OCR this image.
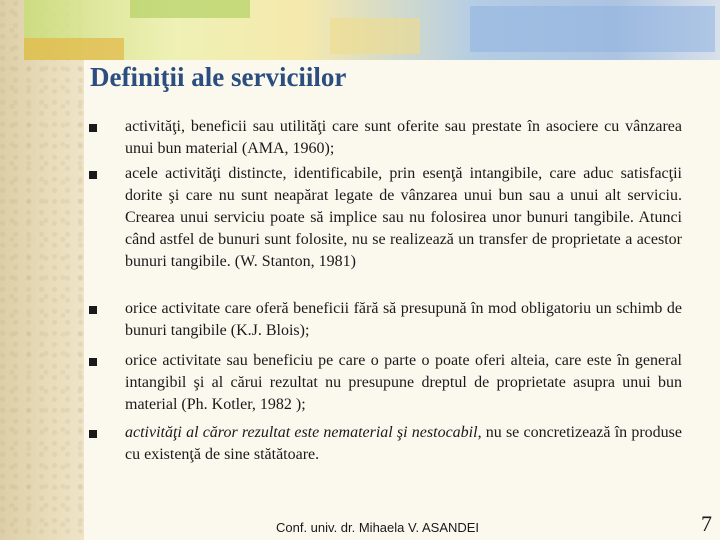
Definiţii ale serviciilor
activităţi, beneficii sau utilităţi care sunt oferite sau prestate în asociere cu vânzarea unui bun material (AMA, 1960);
acele activităţi distincte, identificabile, prin esenţă intangibile, care aduc satisfacţii dorite şi care nu sunt neapărat legate de vânzarea unui bun sau a unui alt serviciu. Crearea unui serviciu poate să implice sau nu folosirea unor bunuri tangibile. Atunci când astfel de bunuri sunt folosite, nu se realizează un transfer de proprietate a acestor bunuri tangibile. (W. Stanton, 1981)
orice activitate care oferă beneficii fără să presupună în mod obligatoriu un schimb de bunuri tangibile (K.J. Blois);
orice activitate sau beneficiu pe care o parte o poate oferi alteia, care este în general intangibil şi al cărui rezultat nu presupune dreptul de proprietate asupra unui bun material (Ph. Kotler, 1982 );
activităţi al căror rezultat este nematerial şi nestocabil, nu se concretizează în produse cu existenţă de sine stătătoare.
Conf. univ. dr. Mihaela V. ASANDEI	7
